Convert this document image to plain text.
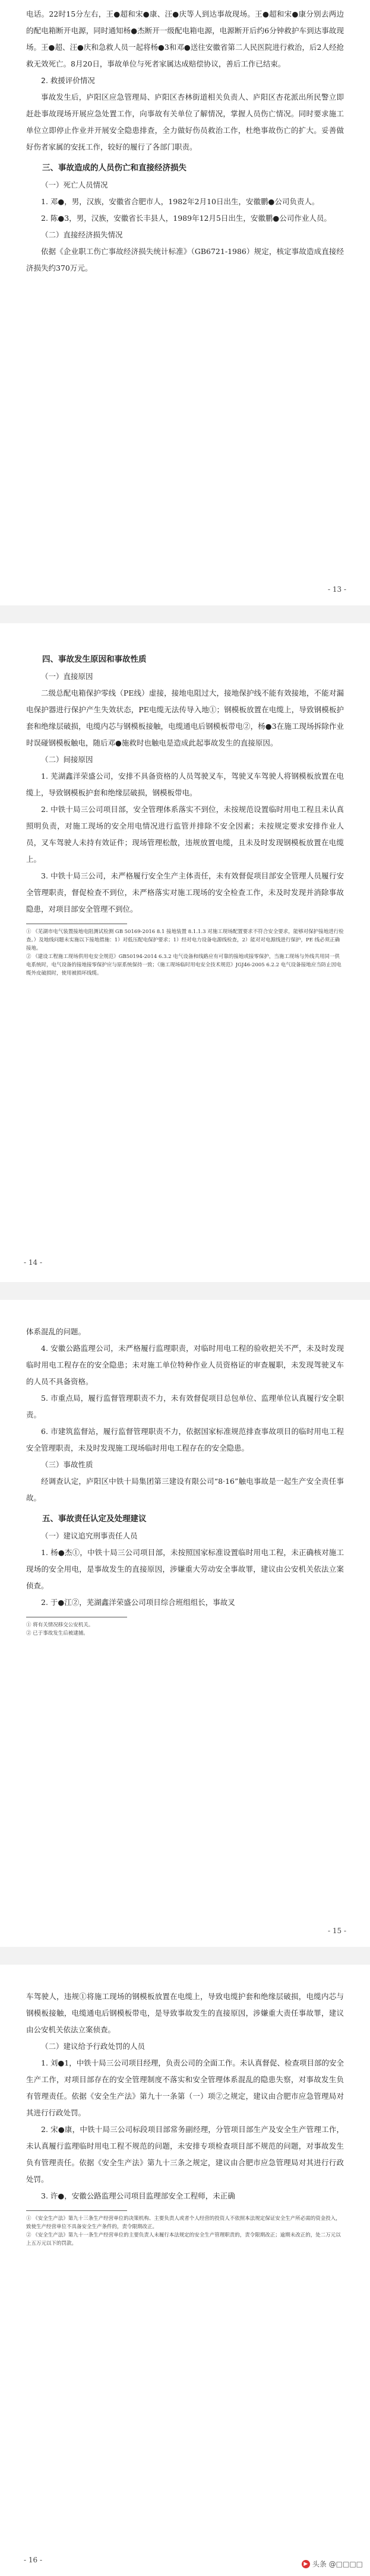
电话。22时15分左右，王●超和宋●康、汪●庆等人到达事故现场。王●超和宋●康分别去两边的配电箱断开电源，同时通知杨●杰断开一级配电箱电源，电源断开后约6分钟救护车到达事故现场。王●超、汪●庆和急救人员一起将杨●3和邓●送往安徽省第二人民医院进行救治，后2人经抢救无效死亡。8月20日，事故单位与死者家属达成赔偿协议，善后工作已结束。

2. 救援评价情况

事故发生后，庐阳区应急管理局、庐阳区杏林街道相关负责人、庐阳区杏花派出所民警立即赶赴事故现场开展应急处置工作，向事故有关单位了解情况，掌握人员伤亡情况。同时要求施工单位立即停止作业并开展安全隐患排查，全力做好伤员救治工作，杜绝事故伤亡的扩大。妥善做好伤者家属的安抚工作，较好的履行了各部门职责。

三、事故造成的人员伤亡和直接经济损失

（一）死亡人员情况

1. 邓●，男，汉族，安徽省合肥市人，1982年2月10日出生，安徽鹏●公司负责人。

2. 陈●3，男，汉族，安徽省长丰县人，1989年12月5日出生，安徽鹏●公司作业人员。

（二）直接经济损失情况

依据《企业职工伤亡事故经济损失统计标准》（GB6721-1986）规定，核定事故造成直接经济损失约370万元。

- 13 -

四、事故发生原因和事故性质

（一）直接原因

二级总配电箱保护零线（PE线）虚接，接地电阻过大，接地保护线不能有效接地，不能对漏电保护器进行保护产生失效状态，PE电缆无法传导入地①；钢模板放置在电缆上，导致钢模板护套和绝缘层破损，电缆内芯与钢模板接触，电缆通电后钢模板带电②，杨●3在施工现场拆除作业时误碰钢模板触电，随后邓●施救时也触电是造成此起事故发生的直接原因。

（二）间接原因

1. 芜湖鑫洋荣盛公司，安排不具备资格的人员驾驶叉车，驾驶叉车驾驶人将钢模板放置在电缆上，导致钢模板护套和绝缘层破损，钢模板带电。

2. 中铁十局三公司项目部，安全管理体系落实不到位，未按规范设置临时用电工程且未认真照明负责，对施工现场的安全用电情况进行监管并排除不安全因素；未按规定要求安排作业人员，叉车驾驶人未持有效证件；现场管理松散，违规放置电缆，且未及时发现钢模板放置在电缆上。

3. 中铁十局三公司，未严格履行安全生产主体责任，未有效督促项目部安全管理人员履行安全管理职责，督促检查不到位，未严格落实对施工现场的安全检查工作，未及时发现并消除事故隐患，对项目部安全管理不到位。

① 《芜湖市电气装置接地电阻测试检测 GB 50169-2016 8.1 接地装置 8.1.1.3 对施工现场配置要求不符合安全要求，能够对保护接地进行检查。）及地线问题未实施以下接地措施：1）对低压配电保护要求；1）经对电力设备电源线检查，2）能对对电源线进行保护，PE 线必须正确接地。

② 《建设工程施工现场供用电安全规范》GB50194-2014 6.3.2 电气设备和线路应有可靠的接地或接零保护，当施工现场与外线共用同一供电系统时，电气设备的接地接零保护应与原系统保持一致；《施工现场临时用电安全技术规范》JGJ46-2005 6.2.2 电气设备接地应当防止因电缆外皮破损时，使用被损坏线缆。

- 14 -

体系混乱的问题。

4. 安徽公路监理公司，未严格履行监理职责，对临时用电工程的验收把关不严，未及时发现临时用电工程存在的安全隐患；未对施工单位特种作业人员资格证的审查履职，未发现驾驶叉车的人员不具备资格。

5. 市重点局，履行监督管理职责不力，未有效督促项目总包单位、监理单位认真履行安全职责。

6. 市建筑监督站，履行监督管理职责不力，依据国家标准规范排查事故项目的临时用电工程安全管理职责，未及时发现施工现场临时用电工程存在的安全隐患。

（三）事故性质

经调查认定，庐阳区中铁十局集团第三建设有限公司“8·16”触电事故是一起生产安全责任事故。

五、事故责任认定及处理建议

（一）建议追究刑事责任人员

1. 杨●杰①，中铁十局三公司项目部，未按照国家标准设置临时用电工程，未正确核对施工现场的安全用电，是事故发生的直接原因，涉嫌重大劳动安全事故罪，建议由公安机关依法立案侦查。

2. 于●江②，芜湖鑫洋荣盛公司项目综合班组组长，事故叉

① 将有关情况移交公安机关。

② 已于事故发生后被逮捕。

- 15 -

车驾驶人，违规①将施工现场的钢模板放置在电缆上，导致电缆护套和绝缘层破损，电缆内芯与钢模板接触，电缆通电后钢模板带电，是导致事故发生的直接原因，涉嫌重大责任事故罪，建议由公安机关依法立案侦查。

（二）建议给予行政处罚的人员

1. 刘●1，中铁十局三公司项目经理，负责公司的全面工作。未认真督促、检查项目部的安全生产工作，对项目部存在的安全管理制度不落实和安全管理体系混乱的隐患失察，对事故发生负有管理责任。依据《安全生产法》第九十一条第（一）项②之规定，建议由合肥市应急管理局对其进行行政处罚。

2. 宋●康，中铁十局三公司标段项目部常务副经理，分管项目部生产及安全生产管理工作，未认真履行监理临时用电工程不规范的问题，未安排专项检查项目部不规范的问题，对事故发生负有管理责任。依据《安全生产法》第九十三条之规定，建议由合肥市应急管理局对其进行行政处罚。

3. 许●，安徽公路监理公司项目监理部安全工程师，未正确

① 《安全生产法》第九十三条生产经营单位的决策机构、主要负责人或者个人经营的投资人不依照本法规定保证安全生产所必需的资金投入，致使生产经营单位不具备安全生产条件的，责令限期改正。

② 《安全生产法》第九十一条生产经营单位的主要负责人未履行本法规定的安全生产管理职责的，责令限期改正；逾期未改正的，处二万元以上五万元以下的罚款。

- 16 -	▶ 头条 @□□□□
